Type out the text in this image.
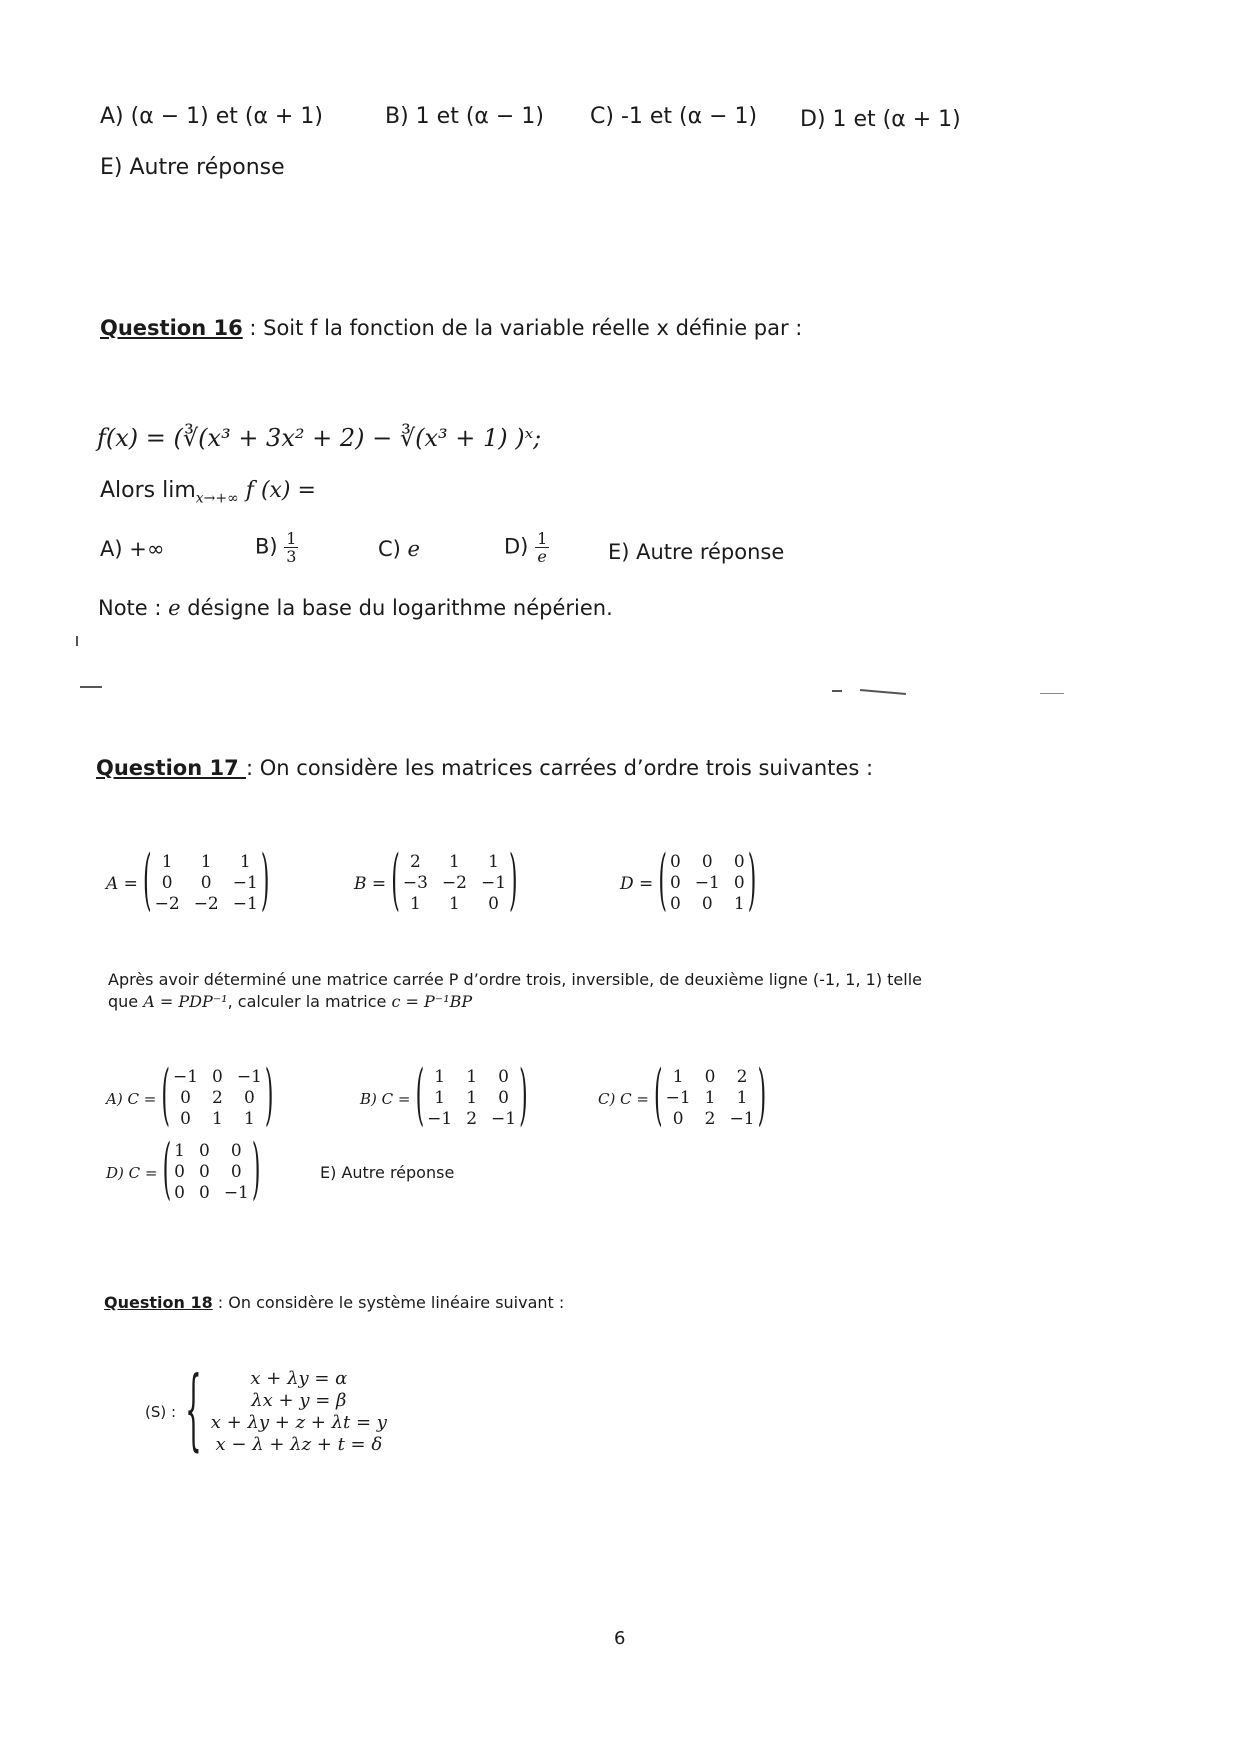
A) (α − 1) et (α + 1)	B) 1 et (α − 1) C) -1 et (α − 1) D) 1 et (α + 1)
E) Autre réponse
Question 16 : Soit f la fonction de la variable réelle x définie par :
f(x) = (∛(x³ + 3x² + 2) − ∛(x³ + 1) )ˣ;
Alors $\lim_{x\to+\infty} f$ (x) =
A) +∞	$B) \frac{1}{3}$	C) e	$D) \frac{1}{e}$	E) Autre réponse
Note : e désigne la base du logarithme népérien.
Question 17 : On considère les matrices carrées d’ordre trois suivantes :
A = ( 1	1	1
0	0	−1
−2 −2 −1 )	B = ( 2	1	1
−3 −2 −1
1	1	0 )	D = ( 0	0	0
0 −1 0
0	0	1 )
Après avoir déterminé une matrice carrée P d’ordre trois, inversible, de deuxième ligne (-1, 1, 1) telle
que A = PDP⁻¹, calculer la matrice c = P⁻¹BP
A) C = ( −1 0 −1
0	2	0
0	1	1 )	B) C = ( 1	1	0
1	1	0
−1 2 −1 )	C) C = ( 1	0	2
−1 1	1
0	2 −1 )
D) C = ( 1 0	0
0 0	0
0 0 −1 )	E) Autre réponse
Question 18 : On considère le système linéaire suivant :
(S) : {	x + λy = α
λx + y = β
x + λy + z + λt = y
x − λ + λz + t = δ
6
